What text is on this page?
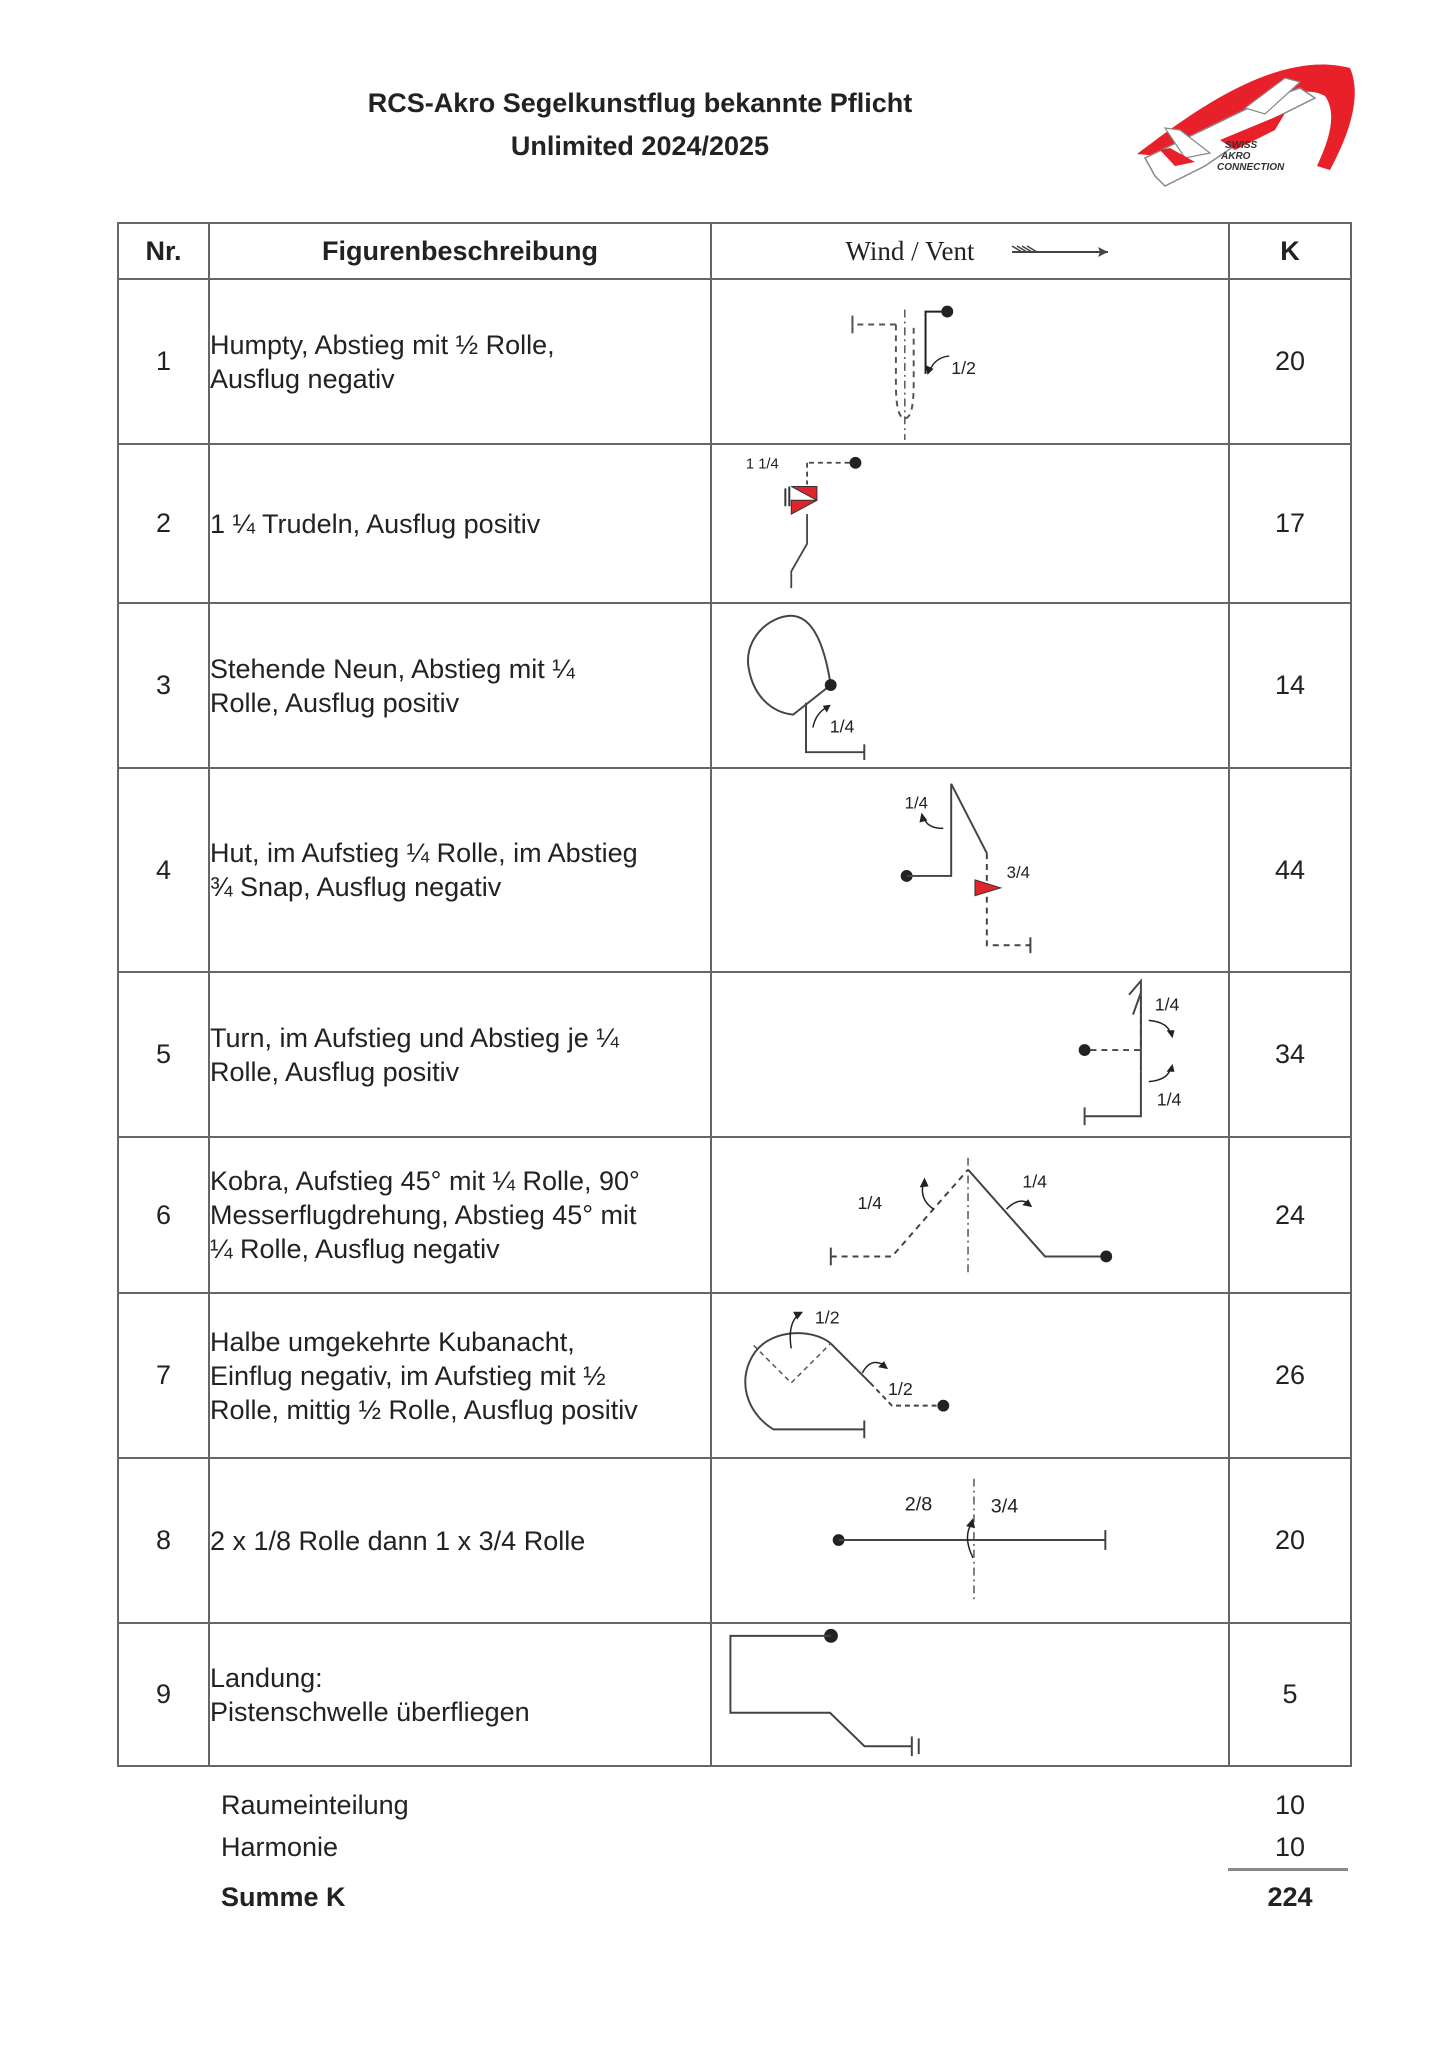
RCS-Akro Segelkunstflug bekannte Pflicht
Unlimited 2024/2025	SWISS
AKRO
CONNECTION
Nr.	Figurenbeschreibung	Wind / Vent	K
1	Humpty, Abstieg mit ½ Rolle,
Ausflug negativ	1/2	20
2	1 ¼ Trudeln, Ausflug positiv	1 1/4	17
3	Stehende Neun, Abstieg mit ¼
Rolle, Ausflug positiv	1/4	14
4	Hut, im Aufstieg ¼ Rolle, im Abstieg
¾ Snap, Ausflug negativ	1/4
3/4	44
5	Turn, im Aufstieg und Abstieg je ¼
Rolle, Ausflug positiv	1/4
1/4	34
6	Kobra, Aufstieg 45° mit ¼ Rolle, 90°
Messerflugdrehung, Abstieg 45° mit
¼ Rolle, Ausflug negativ	1/4
1/4	24
7	Halbe umgekehrte Kubanacht,
Einflug negativ, im Aufstieg mit ½
Rolle, mittig ½ Rolle, Ausflug positiv	1/2
1/2	26
8	2 x 1/8 Rolle dann 1 x 3/4 Rolle	2/8 3/4	20
9	Landung:
Pistenschwelle überfliegen		5
Raumeinteilung	10
Harmonie	10
Summe K	224
